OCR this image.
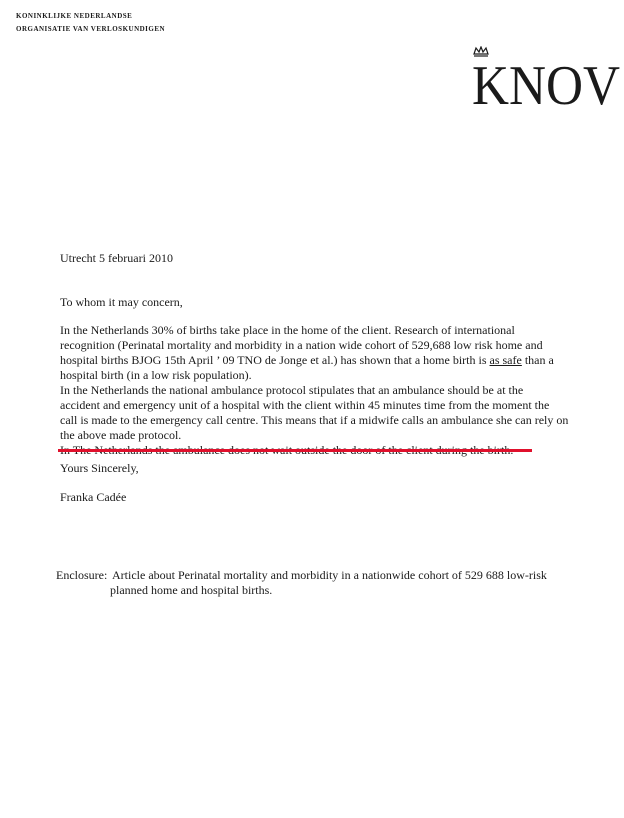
KONINKLIJKE NEDERLANDSE
ORGANISATIE VAN VERLOSKUNDIGEN
KNOV
Utrecht 5 februari 2010
To whom it may concern,

In the Netherlands 30% of births take place in the home of the client. Research of international

recognition (Perinatal mortality and morbidity in a nation wide cohort of 529,688 low risk home and

hospital births BJOG 15th April ’ 09 TNO de Jonge et al.) has shown that a home birth is as safe than a

hospital birth (in a low risk population).

In the Netherlands the national ambulance protocol stipulates that an ambulance should be at the

accident and emergency unit of a hospital with the client within 45 minutes time from the moment the

call is made to the emergency call centre. This means that if a midwife calls an ambulance she can rely on

the above made protocol.

Yours Sincerely,
Franka Cadée
Enclosure: Article about Perinatal mortality and morbidity in a nationwide cohort of 529 688 low-risk
planned home and hospital births.
